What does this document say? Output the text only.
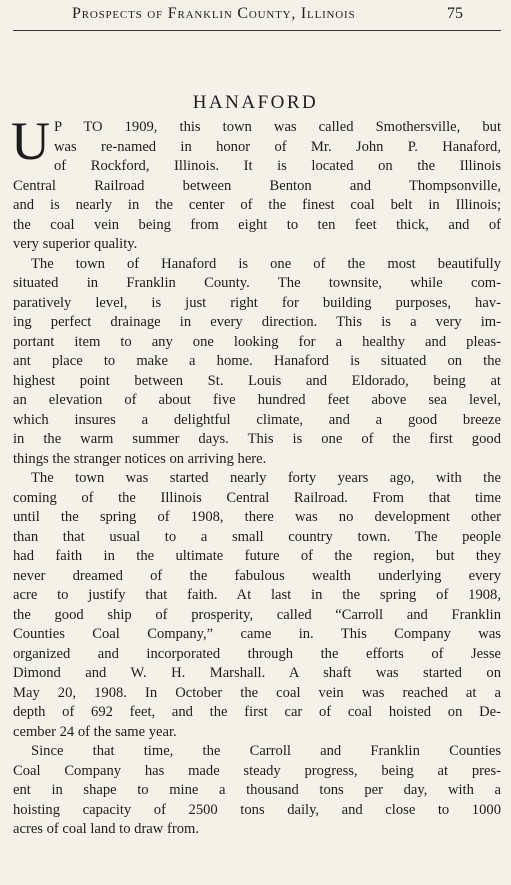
Prospects of Franklin County, Illinois	75
HANAFORD

U P TO 1909, this town was called Smothersville, but
was re-named in honor of Mr. John P. Hanaford,
of Rockford, Illinois. It is located on the Illinois
Central Railroad between Benton and Thompsonville,
and is nearly in the center of the finest coal belt in Illinois;
the coal vein being from eight to ten feet thick, and of
very superior quality.

The town of Hanaford is one of the most beautifully
situated in Franklin County. The townsite, while com-
paratively level, is just right for building purposes, hav-
ing perfect drainage in every direction. This is a very im-
portant item to any one looking for a healthy and pleas-
ant place to make a home. Hanaford is situated on the
highest point between St. Louis and Eldorado, being at
an elevation of about five hundred feet above sea level,
which insures a delightful climate, and a good breeze
in the warm summer days. This is one of the first good
things the stranger notices on arriving here.

The town was started nearly forty years ago, with the
coming of the Illinois Central Railroad. From that time
until the spring of 1908, there was no development other
than that usual to a small country town. The people
had faith in the ultimate future of the region, but they
never dreamed of the fabulous wealth underlying every
acre to justify that faith. At last in the spring of 1908,
the good ship of prosperity, called “Carroll and Franklin
Counties Coal Company,” came in. This Company was
organized and incorporated through the efforts of Jesse
Dimond and W. H. Marshall. A shaft was started on
May 20, 1908. In October the coal vein was reached at a
depth of 692 feet, and the first car of coal hoisted on De-
cember 24 of the same year.

Since that time, the Carroll and Franklin Counties
Coal Company has made steady progress, being at pres-
ent in shape to mine a thousand tons per day, with a
hoisting capacity of 2500 tons daily, and close to 1000
acres of coal land to draw from.
